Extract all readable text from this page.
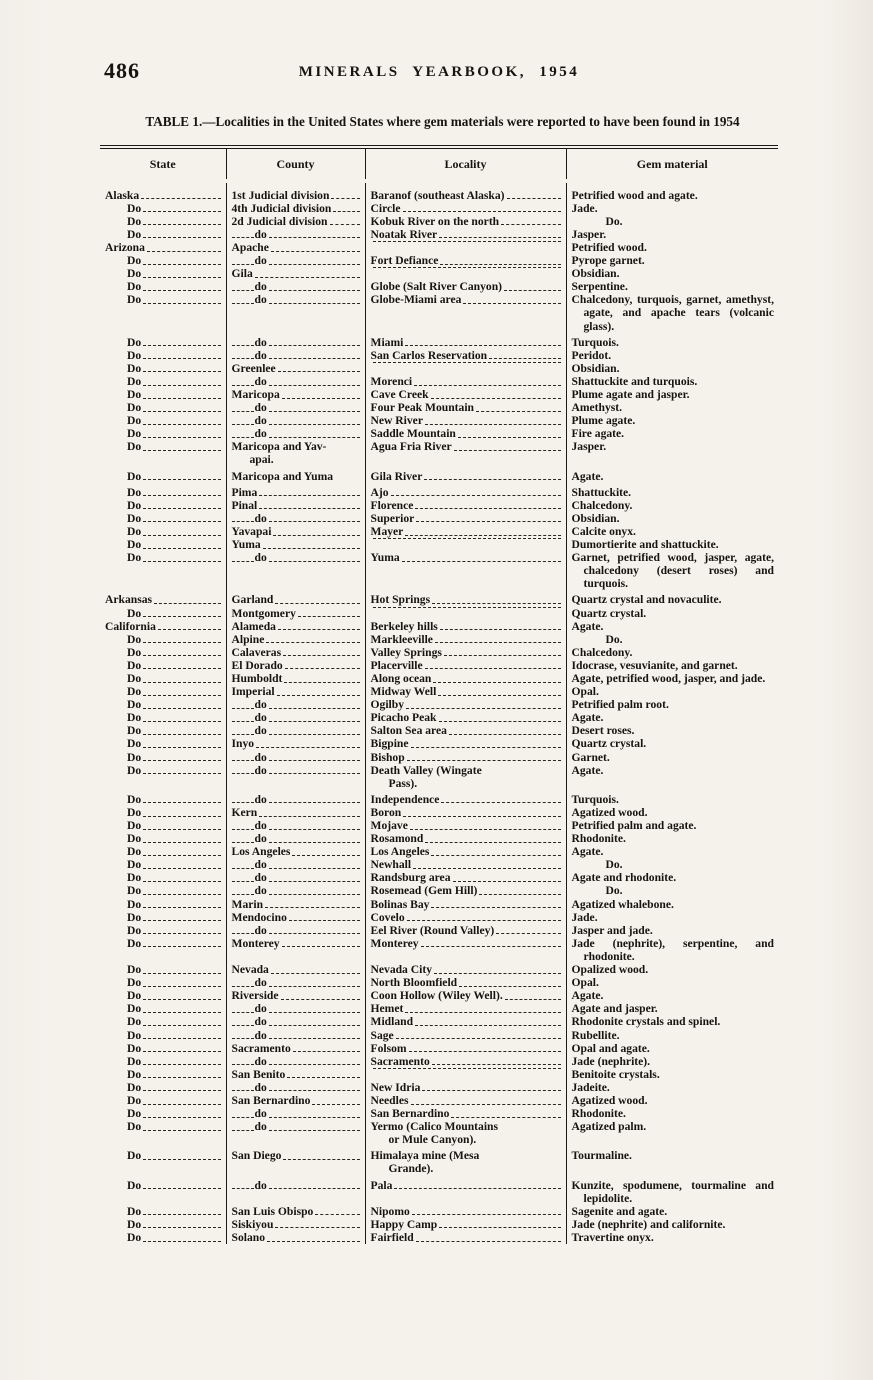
486	MINERALS YEARBOOK, 1954
TABLE 1.—Localities in the United States where gem materials were reported to have been found in 1954
State	County	Locality	Gem material

Alaska	1st Judicial division	Baranof (southeast Alaska)	Petrified wood and agate.

Do	4th Judicial division	Circle	Jade.

Do	2d Judicial division	Kobuk River on the north	Do.

Do	do	Noatak River	Jasper.

Arizona	Apache		Petrified wood.

Do	do	Fort Defiance	Pyrope garnet.

Do	Gila		Obsidian.

Do	do	Globe (Salt River Canyon)	Serpentine.

Do	do	Globe-Miami area	Chalcedony, turquois, garnet, amethyst, agate, and apache tears (volcanic glass).

Do	do	Miami	Turquois.

Do	do	San Carlos Reservation	Peridot.

Do	Greenlee		Obsidian.

Do	do	Morenci	Shattuckite and turquois.

Do	Maricopa	Cave Creek	Plume agate and jasper.

Do	do	Four Peak Mountain	Amethyst.

Do	do	New River	Plume agate.

Do	do	Saddle Mountain	Fire agate.

Do	Maricopa and Yav-
apai.	Agua Fria River	Jasper.

Do	Maricopa and Yuma	Gila River	Agate.

Do	Pima	Ajo	Shattuckite.

Do	Pinal	Florence	Chalcedony.

Do	do	Superior	Obsidian.

Do	Yavapai	Mayer	Calcite onyx.

Do	Yuma		Dumortierite and shattuckite.

Do	do	Yuma	Garnet, petrified wood, jasper, agate, chalcedony (desert roses) and turquois.

Arkansas	Garland	Hot Springs	Quartz crystal and novaculite.

Do	Montgomery		Quartz crystal.

California	Alameda	Berkeley hills	Agate.

Do	Alpine	Markleeville	Do.

Do	Calaveras	Valley Springs	Chalcedony.

Do	El Dorado	Placerville	Idocrase, vesuvianite, and garnet.

Do	Humboldt	Along ocean	Agate, petrified wood, jasper, and jade.

Do	Imperial	Midway Well	Opal.

Do	do	Ogilby	Petrified palm root.

Do	do	Picacho Peak	Agate.

Do	do	Salton Sea area	Desert roses.

Do	Inyo	Bigpine	Quartz crystal.

Do	do	Bishop	Garnet.

Do	do	Death Valley (Wingate
Pass).	Agate.

Do	do	Independence	Turquois.

Do	Kern	Boron	Agatized wood.

Do	do	Mojave	Petrified palm and agate.

Do	do	Rosamond	Rhodonite.

Do	Los Angeles	Los Angeles	Agate.

Do	do	Newhall	Do.

Do	do	Randsburg area	Agate and rhodonite.

Do	do	Rosemead (Gem Hill)	Do.

Do	Marin	Bolinas Bay	Agatized whalebone.

Do	Mendocino	Covelo	Jade.

Do	do	Eel River (Round Valley)	Jasper and jade.

Do	Monterey	Monterey	Jade (nephrite), serpentine, and rhodonite.

Do	Nevada	Nevada City	Opalized wood.

Do	do	North Bloomfield	Opal.

Do	Riverside	Coon Hollow (Wiley Well).	Agate.

Do	do	Hemet	Agate and jasper.

Do	do	Midland	Rhodonite crystals and spinel.

Do	do	Sage	Rubellite.

Do	Sacramento	Folsom	Opal and agate.

Do	do	Sacramento	Jade (nephrite).

Do	San Benito		Benitoite crystals.

Do	do	New Idria	Jadeite.

Do	San Bernardino	Needles	Agatized wood.

Do	do	San Bernardino	Rhodonite.

Do	do	Yermo (Calico Mountains
or Mule Canyon).	Agatized palm.

Do	San Diego	Himalaya mine (Mesa
Grande).	Tourmaline.

Do	do	Pala	Kunzite, spodumene, tourmaline and lepidolite.

Do	San Luis Obispo	Nipomo	Sagenite and agate.

Do	Siskiyou	Happy Camp	Jade (nephrite) and californite.

Do	Solano	Fairfield	Travertine onyx.
